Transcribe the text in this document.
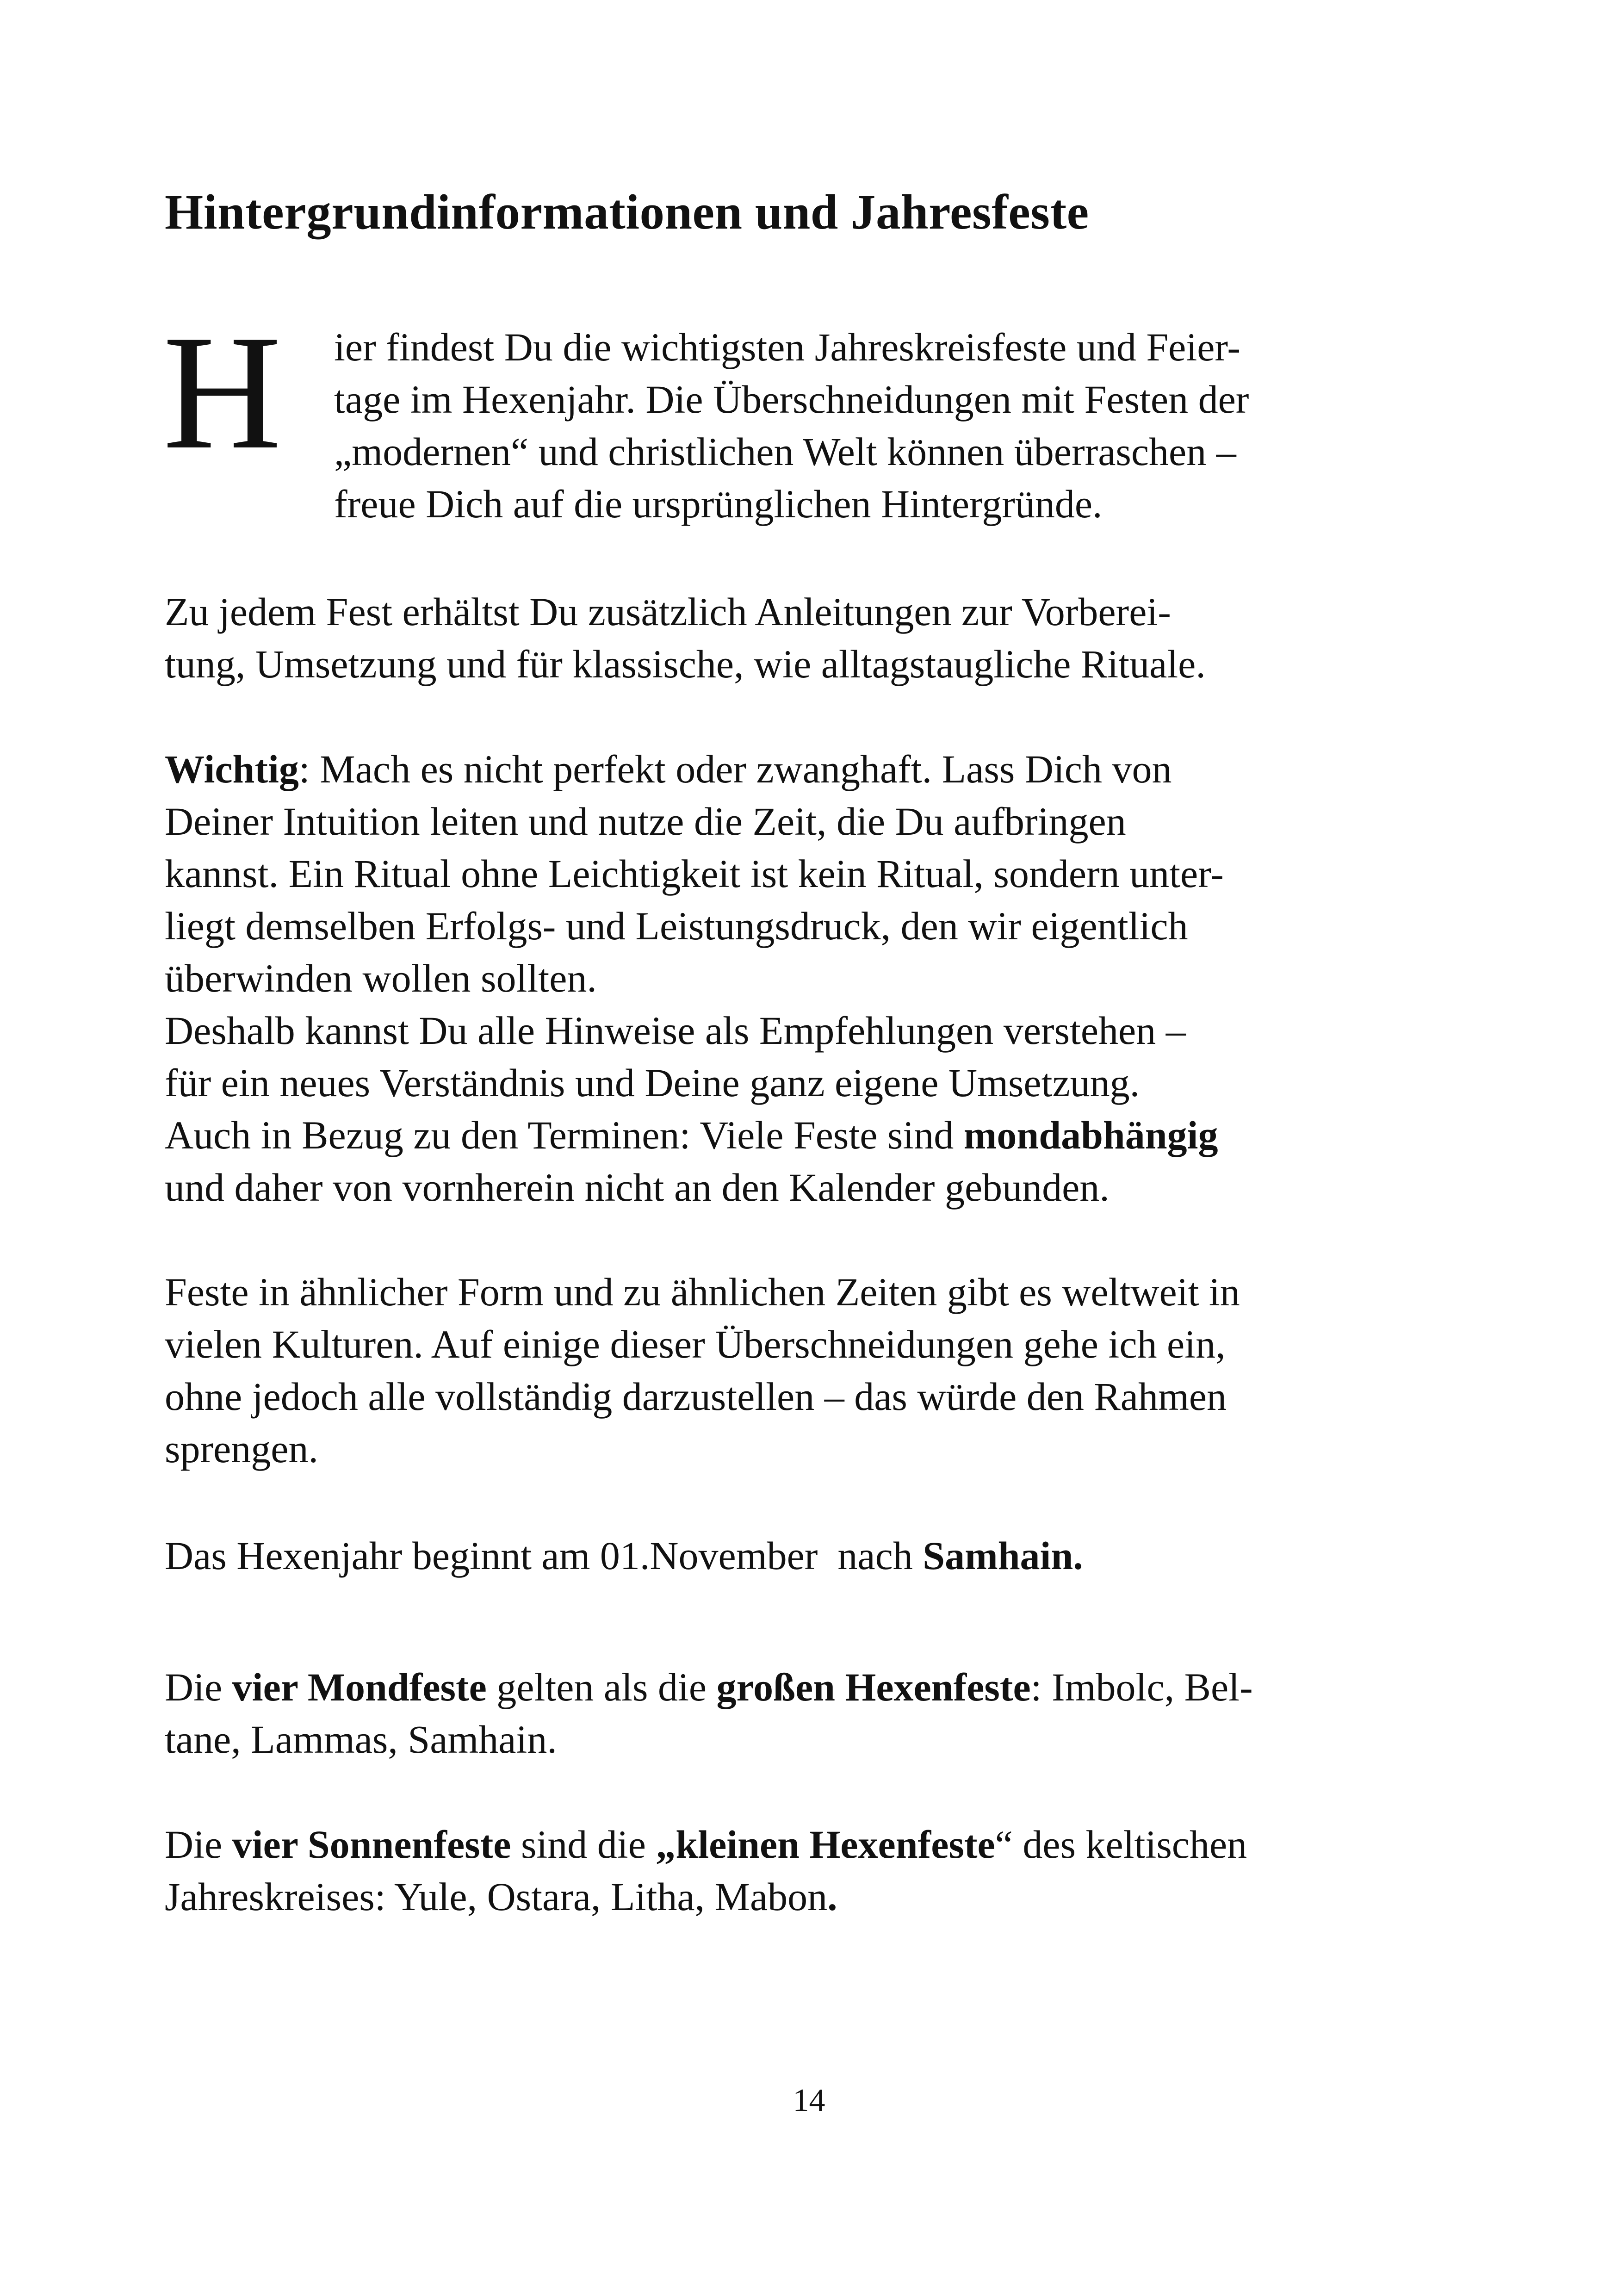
Hintergrundinformationen und Jahresfeste
H ier findest Du die wichtigsten Jahreskreisfeste und Feier-
tage im Hexenjahr. Die Überschneidungen mit Festen der
„modernen“ und christlichen Welt können überraschen –
freue Dich auf die ursprünglichen Hintergründe.
Zu jedem Fest erhältst Du zusätzlich Anleitungen zur Vorberei-
tung, Umsetzung und für klassische, wie alltagstaugliche Rituale.
Wichtig: Mach es nicht perfekt oder zwanghaft. Lass Dich von
Deiner Intuition leiten und nutze die Zeit, die Du aufbringen
kannst. Ein Ritual ohne Leichtigkeit ist kein Ritual, sondern unter-
liegt demselben Erfolgs- und Leistungsdruck, den wir eigentlich
überwinden wollen sollten.
Deshalb kannst Du alle Hinweise als Empfehlungen verstehen –
für ein neues Verständnis und Deine ganz eigene Umsetzung.
Auch in Bezug zu den Terminen: Viele Feste sind mondabhängig
und daher von vornherein nicht an den Kalender gebunden.
Feste in ähnlicher Form und zu ähnlichen Zeiten gibt es weltweit in
vielen Kulturen. Auf einige dieser Überschneidungen gehe ich ein,
ohne jedoch alle vollständig darzustellen – das würde den Rahmen
sprengen.
Das Hexenjahr beginnt am 01.November  nach Samhain.
Die vier Mondfeste gelten als die großen Hexenfeste: Imbolc, Bel-
tane, Lammas, Samhain.
Die vier Sonnenfeste sind die „kleinen Hexenfeste“ des keltischen
Jahreskreises: Yule, Ostara, Litha, Mabon.
14
